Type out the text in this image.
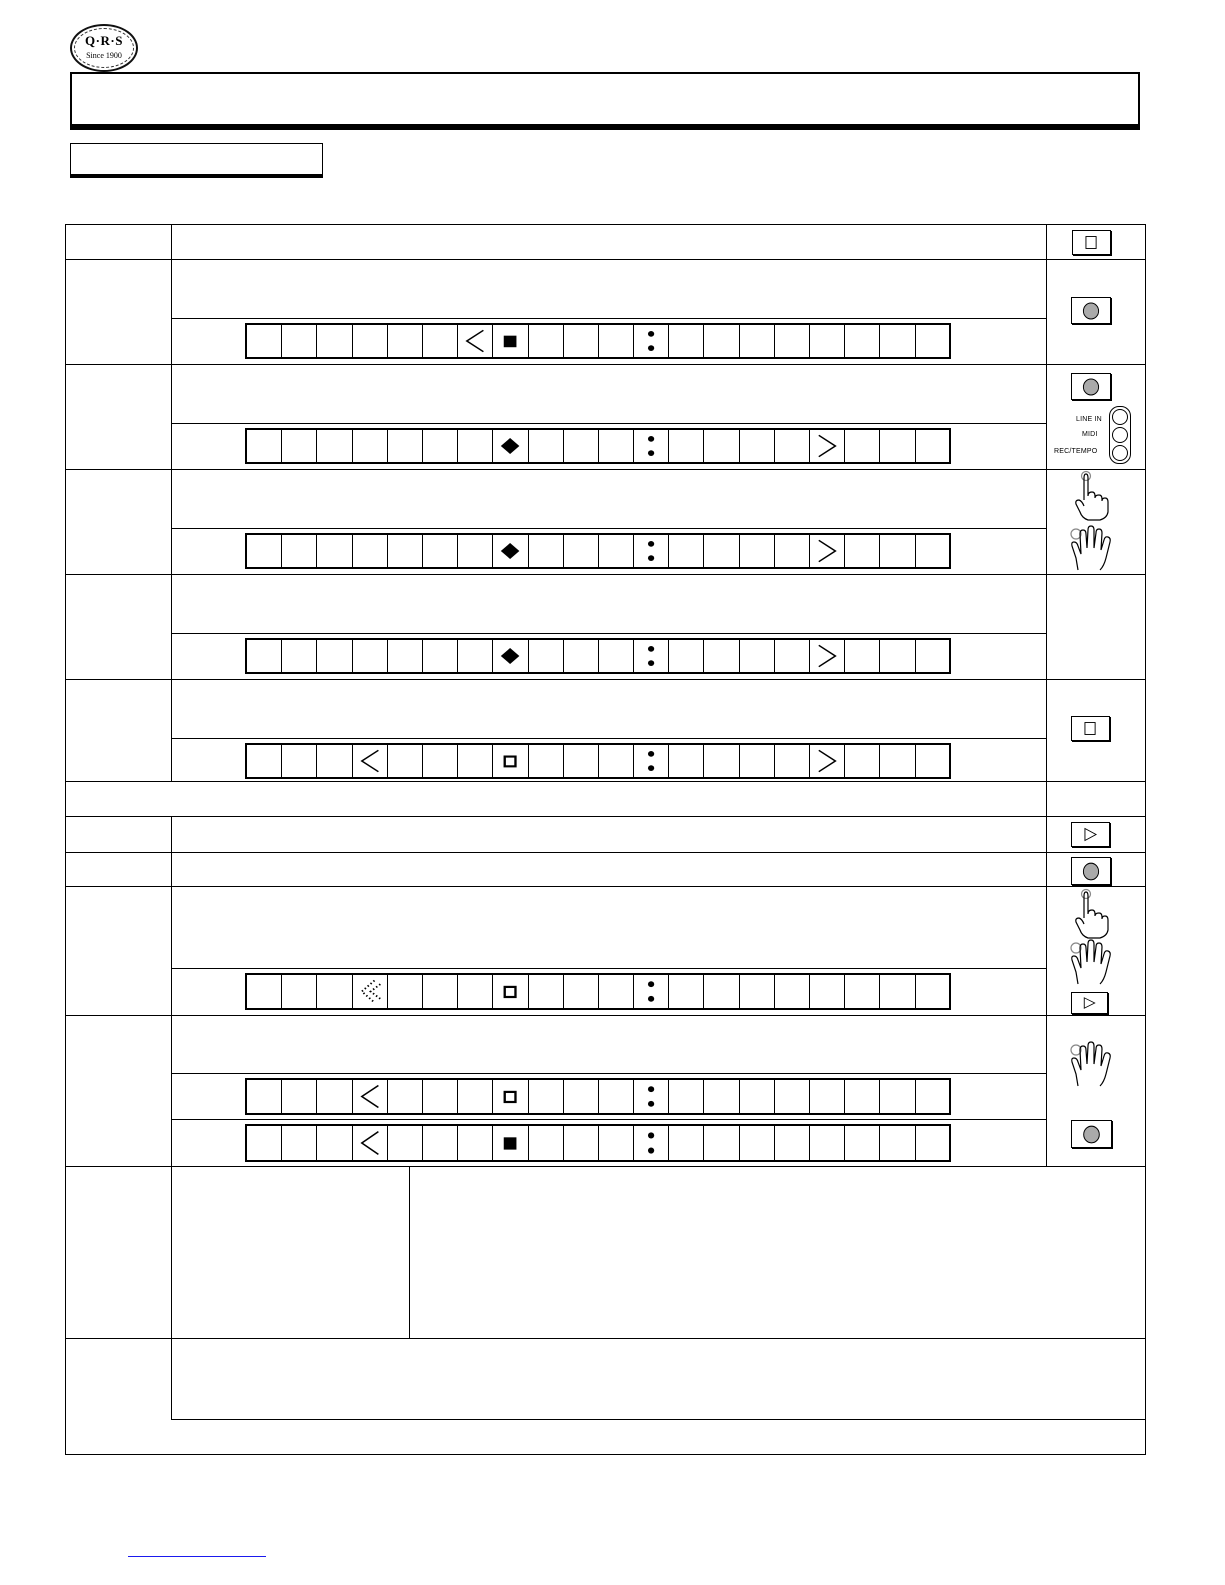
Q·R·S
Since 1900
LINE IN
MIDI
REC/TEMPO
